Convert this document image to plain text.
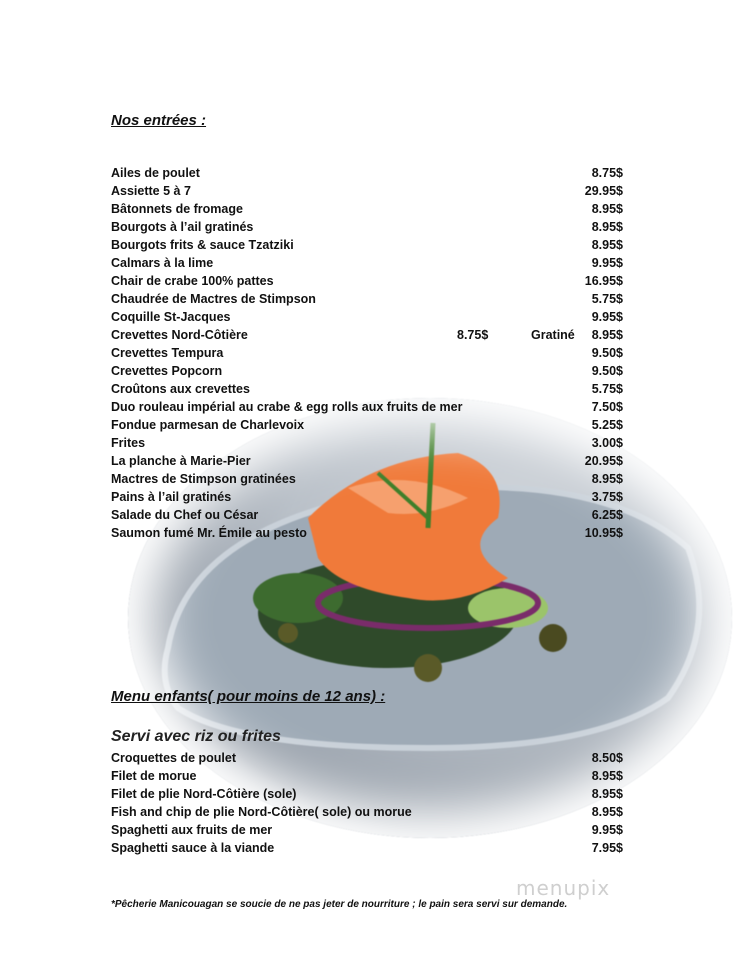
Nos entrées :
Ailes de poulet	8.75$
Assiette 5 à 7	29.95$
Bâtonnets de fromage	8.95$
Bourgots à l’ail gratinés	8.95$
Bourgots frits & sauce Tzatziki	8.95$
Calmars à la lime	9.95$
Chair de crabe 100% pattes	16.95$
Chaudrée de Mactres de Stimpson	5.75$
Coquille St-Jacques	9.95$
Crevettes Nord-Côtière	8.75$	Gratiné 8.95$
Crevettes Tempura	9.50$
Crevettes Popcorn	9.50$
Croûtons aux crevettes	5.75$
Duo rouleau impérial au crabe & egg rolls aux fruits de mer	7.50$
Fondue parmesan de Charlevoix	5.25$
Frites	3.00$
La planche à Marie-Pier	20.95$
Mactres de Stimpson gratinées	8.95$
Pains à l’ail gratinés	3.75$
Salade du Chef ou César	6.25$
Saumon fumé Mr. Émile au pesto	10.95$
Menu enfants( pour moins de 12 ans) :
Servi avec riz ou frites
Croquettes de poulet	8.50$
Filet de morue	8.95$
Filet de plie Nord-Côtière (sole)	8.95$
Fish and chip de plie Nord-Côtière( sole) ou morue	8.95$
Spaghetti aux fruits de mer	9.95$
Spaghetti sauce à la viande	7.95$
menupix
*Pêcherie Manicouagan se soucie de ne pas jeter de nourriture ; le pain sera servi sur demande.
